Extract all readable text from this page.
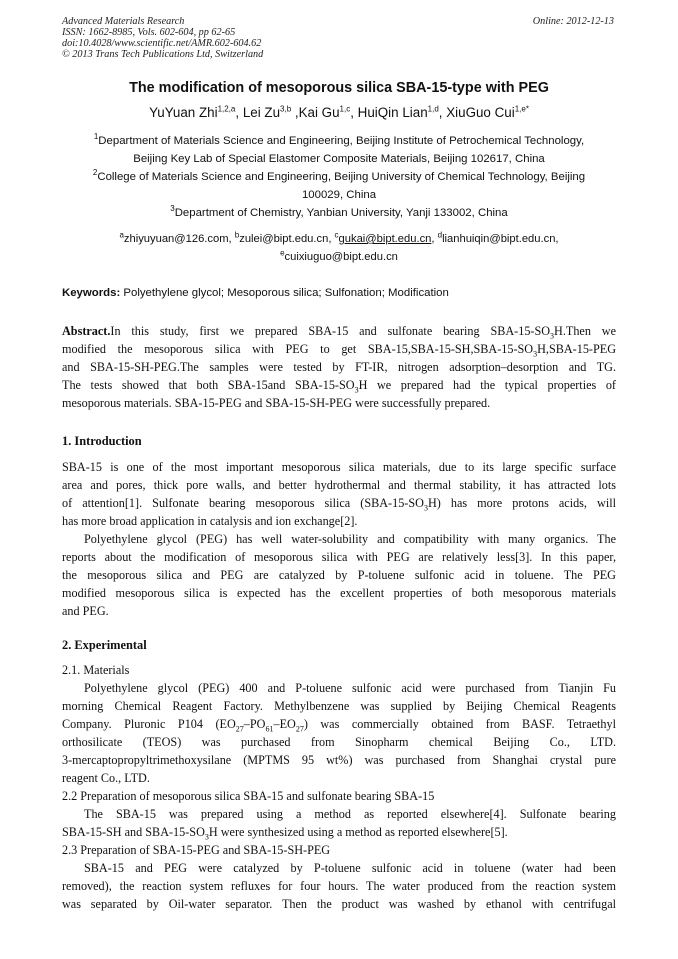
Advanced Materials Research
ISSN: 1662-8985, Vols. 602-604, pp 62-65
doi:10.4028/www.scientific.net/AMR.602-604.62
© 2013 Trans Tech Publications Ltd, Switzerland
Online: 2012-12-13
The modification of mesoporous silica SBA-15-type with PEG
YuYuan Zhi$^{1,2,a}$, Lei Zu$^{3,b}$ ,Kai Gu$^{1,c}$, HuiQin Lian$^{1,d}$, XiuGuo Cui$^{1,e*}$
$^1$Department of Materials Science and Engineering, Beijing Institute of Petrochemical Technology,
Beijing Key Lab of Special Elastomer Composite Materials, Beijing 102617, China
$^2$College of Materials Science and Engineering, Beijing University of Chemical Technology, Beijing
100029, China
$^3$Department of Chemistry, Yanbian University, Yanji 133002, China
$^a$zhiyuyuan@126.com, $^b$zulei@bipt.edu.cn, $^c$gukai@bipt.edu.cn, $^d$lianhuiqin@bipt.edu.cn,
$^e$cuixiuguo@bipt.edu.cn
Keywords: Polyethylene glycol; Mesoporous silica; Sulfonation; Modification
Abstract.In this study, first we prepared SBA-15 and sulfonate bearing SBA-$15-SO_3H.Then$ we
modified the mesoporous silica with PEG to get SBA-$15,SBA-15-SH,SBA-15-SO_3H,SBA-15$-PEG
and SBA-15-SH-PEG.The samples were tested by FT-IR, nitrogen adsorption–desorption and TG.
The tests showed that both SBA-15and SBA-$15-SO_3H$ we prepared had the typical properties of
mesoporous materials. SBA-15-PEG and SBA-15-SH-PEG were successfully prepared.
1. Introduction
SBA-15 is one of the most important mesoporous silica materials, due to its large specific surface
area and pores, thick pore walls, and better hydrothermal and thermal stability, it has attracted lots
of attention[1]. Sulfonate bearing mesoporous silica $(SBA-15-SO_3H)$ has more protons acids, will
has more broad application in catalysis and ion exchange[2].
Polyethylene glycol (PEG) has well water-solubility and compatibility with many organics. The
reports about the modification of mesoporous silica with PEG are relatively less[3]. In this paper,
the mesoporous silica and PEG are catalyzed by P-toluene sulfonic acid in toluene. The PEG
modified mesoporous silica is expected has the excellent properties of both mesoporous materials
and PEG.
2. Experimental
2.1. Materials
Polyethylene glycol (PEG) 400 and P-toluene sulfonic acid were purchased from Tianjin Fu
morning Chemical Reagent Factory. Methylbenzene was supplied by Beijing Chemical Reagents
Company. Pluronic P104 $(EO_{27}-PO_{61}-EO_{27})$ was commercially obtained from BASF. Tetraethyl
orthosilicate (TEOS) was purchased from Sinopharm chemical Beijing Co., LTD.
3-mercaptopropyltrimethoxysilane (MPTMS 95 wt%) was purchased from Shanghai crystal pure
reagent Co., LTD.
2.2 Preparation of mesoporous silica SBA-15 and sulfonate bearing SBA-15
The SBA-15 was prepared using a method as reported elsewhere[4]. Sulfonate bearing
SBA-15-SH and SBA-$15-SO_3H$ were synthesized using a method as reported elsewhere[5].
2.3 Preparation of SBA-15-PEG and SBA-15-SH-PEG
SBA-15 and PEG were catalyzed by P-toluene sulfonic acid in toluene (water had been
removed), the reaction system refluxes for four hours. The water produced from the reaction system
was separated by Oil-water separator. Then the product was washed by ethanol with centrifugal
